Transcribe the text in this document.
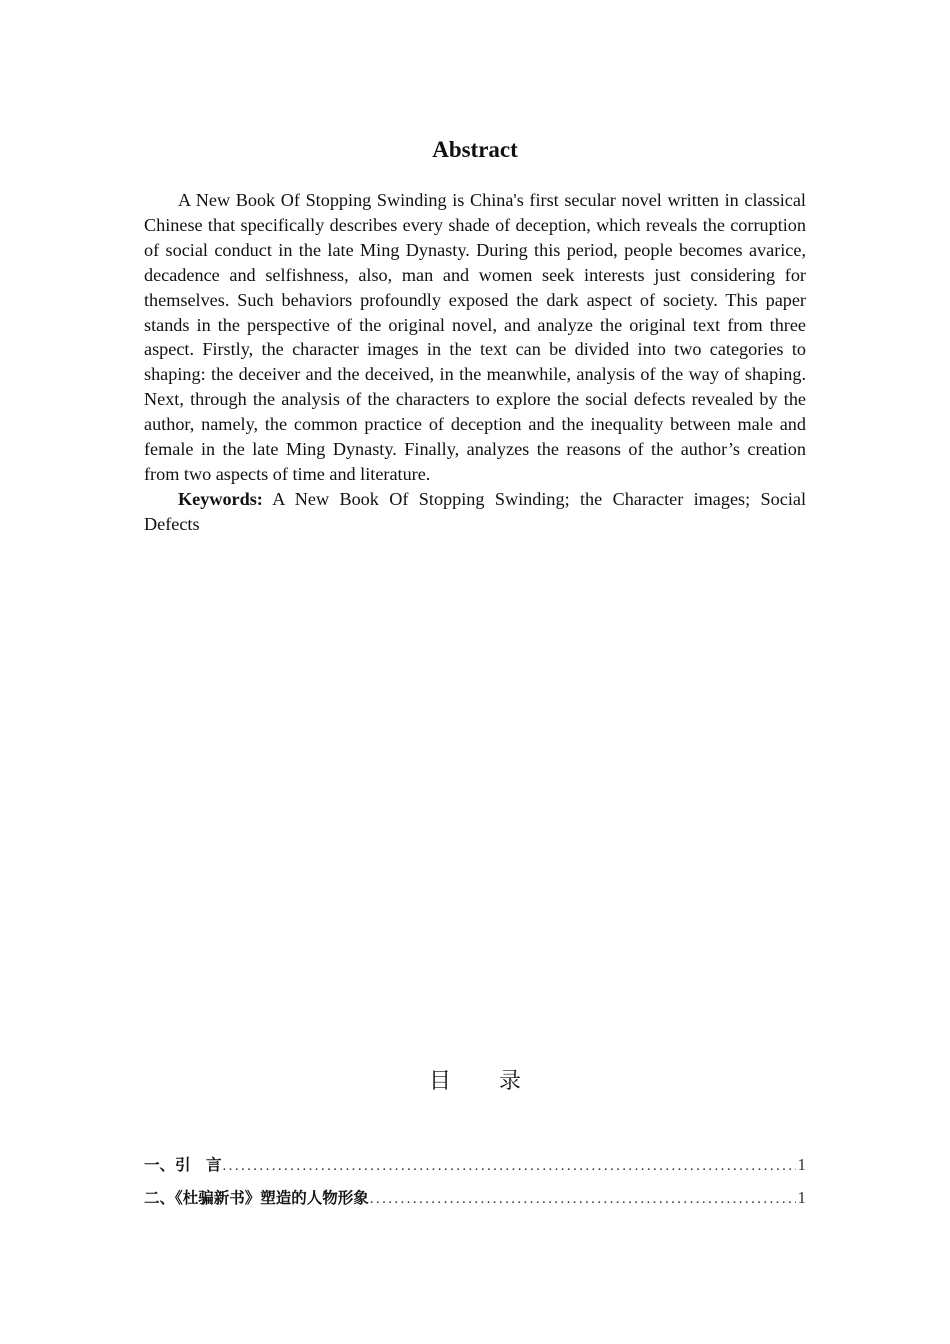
Abstract

A New Book Of Stopping Swinding is China's first secular novel written in classical Chinese that specifically describes every shade of deception, which reveals the corruption of social conduct in the late Ming Dynasty. During this period, people becomes avarice, decadence and selfishness, also, man and women seek interests just considering for themselves. Such behaviors profoundly exposed the dark aspect of society. This paper stands in the perspective of the original novel, and analyze the original text from three aspect. Firstly, the character images in the text can be divided into two categories to shaping: the deceiver and the deceived, in the meanwhile, analysis of the way of shaping. Next, through the analysis of the characters to explore the social defects revealed by the author, namely, the common practice of deception and the inequality between male and female in the late Ming Dynasty. Finally, analyzes the reasons of the author’s creation from two aspects of time and literature.

Keywords: A New Book Of Stopping Swinding; the Character images; Social Defects

目 录
一、引　言 .....	1
二、《杜骗新书》塑造的人物形象 .....	1
